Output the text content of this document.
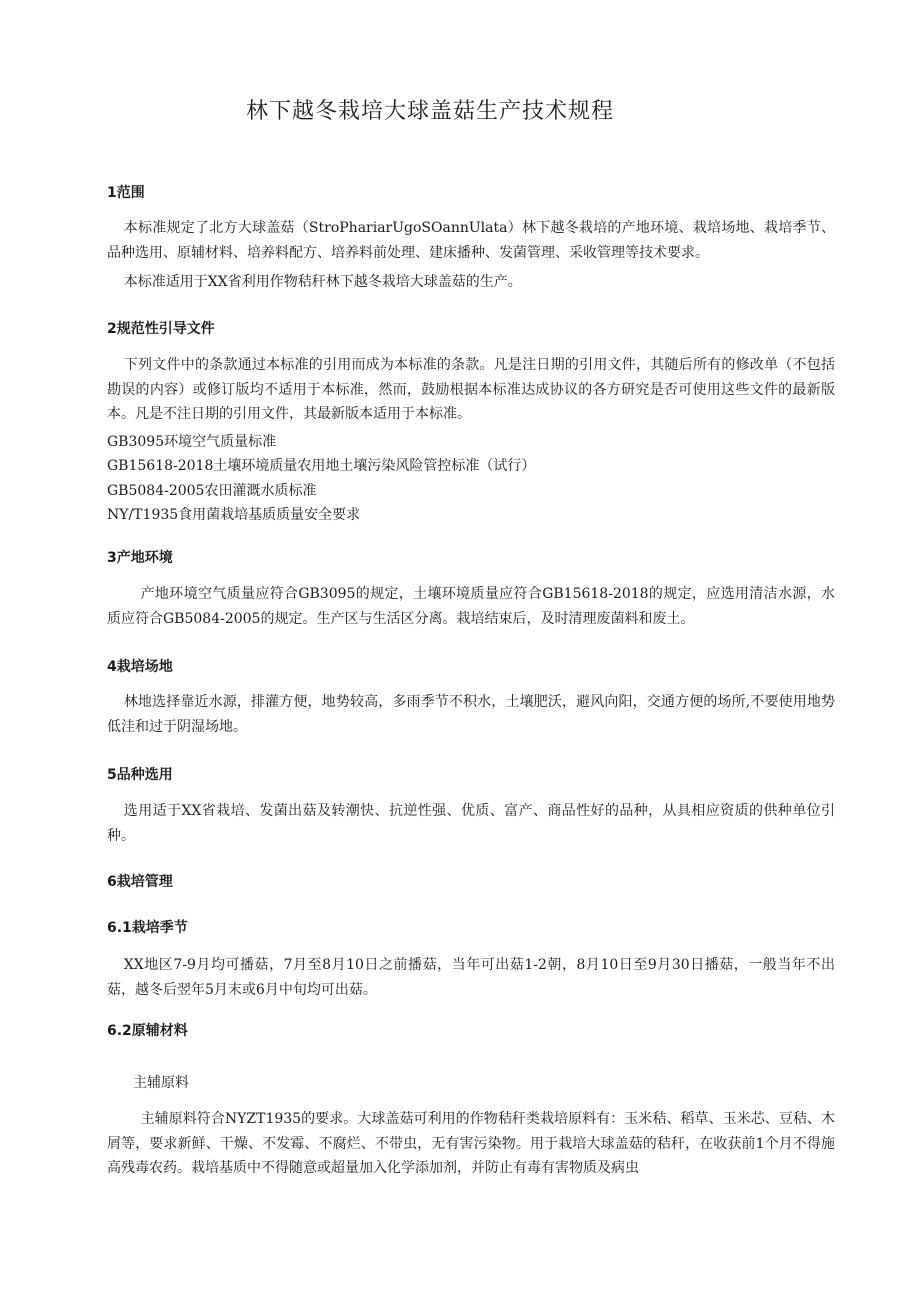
林下越冬栽培大球盖菇生产技术规程
1范围

本标准规定了北方大球盖菇（StroPhariarUgoSOannUlata）林下越冬栽培的产地环境、栽培场地、栽培季节、品种选用、原辅材料、培养料配方、培养料前处理、建床播种、发菌管理、采收管理等技术要求。

本标准适用于XX省利用作物秸秆林下越冬栽培大球盖菇的生产。

2规范性引导文件

下列文件中的条款通过本标准的引用而成为本标准的条款。凡是注日期的引用文件，其随后所有的修改单（不包括勘误的内容）或修订版均不适用于本标准，然而，鼓励根据本标准达成协议的各方研究是否可使用这些文件的最新版本。凡是不注日期的引用文件，其最新版本适用于本标准。

GB3095环境空气质量标准

GB15618-2018土壤环境质量农用地土壤污染风险管控标准（试行）

GB5084-2005农田灌溉水质标准

NY/T1935食用菌栽培基质质量安全要求

3产地环境

产地环境空气质量应符合GB3095的规定，土壤环境质量应符合GB15618-2018的规定，应选用清洁水源，水质应符合GB5084-2005的规定。生产区与生活区分离。栽培结束后，及时清理废菌料和废土。

4栽培场地

林地选择靠近水源，排灌方便，地势较高，多雨季节不积水，土壤肥沃，避风向阳，交通方便的场所,不要使用地势低洼和过于阴湿场地。

5品种选用

选用适于XX省栽培、发菌出菇及转潮快、抗逆性强、优质、富产、商品性好的品种，从具相应资质的供种单位引种。

6栽培管理
6.1栽培季节

XX地区7-9月均可播菇，7月至8月10日之前播菇，当年可出菇1-2朝，8月10日至9月30日播菇，一般当年不出菇，越冬后翌年5月末或6月中旬均可出菇。

6.2原辅材料
主辅原料

主辅原料符合NYZT1935的要求。大球盖菇可利用的作物秸秆类栽培原料有：玉米秸、稻草、玉米芯、豆秸、木屑等，要求新鲜、干燥、不发霉、不腐烂、不带虫，无有害污染物。用于栽培大球盖菇的秸秆，在收获前1个月不得施高残毒农药。栽培基质中不得随意或超量加入化学添加剂，并防止有毒有害物质及病虫
